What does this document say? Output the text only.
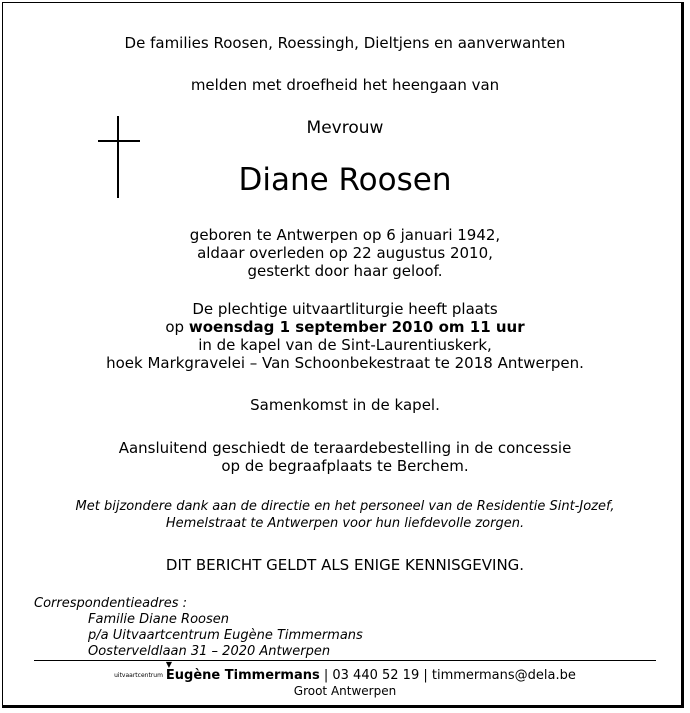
De families Roosen, Roessingh, Dieltjens en aanverwanten
melden met droefheid het heengaan van
Mevrouw
Diane Roosen
geboren te Antwerpen op 6 januari 1942,
aldaar overleden op 22 augustus 2010,
gesterkt door haar geloof.
De plechtige uitvaartliturgie heeft plaats
op woensdag 1 september 2010 om 11 uur
in de kapel van de Sint-Laurentiuskerk,
hoek Markgravelei – Van Schoonbekestraat te 2018 Antwerpen.
Samenkomst in de kapel.
Aansluitend geschiedt de teraardebestelling in de concessie
op de begraafplaats te Berchem.
Met bijzondere dank aan de directie en het personeel van de Residentie Sint-Jozef,
Hemelstraat te Antwerpen voor hun liefdevolle zorgen.
DIT BERICHT GELDT ALS ENIGE KENNISGEVING.
Correspondentieadres :
Familie Diane Roosen
p/a Uitvaartcentrum Eugène Timmermans
Oosterveldlaan 31 – 2020 Antwerpen
uitvaartcentrum
▼
Eugène Timmermans | 03 440 52 19 | timmermans@dela.be
Groot Antwerpen
